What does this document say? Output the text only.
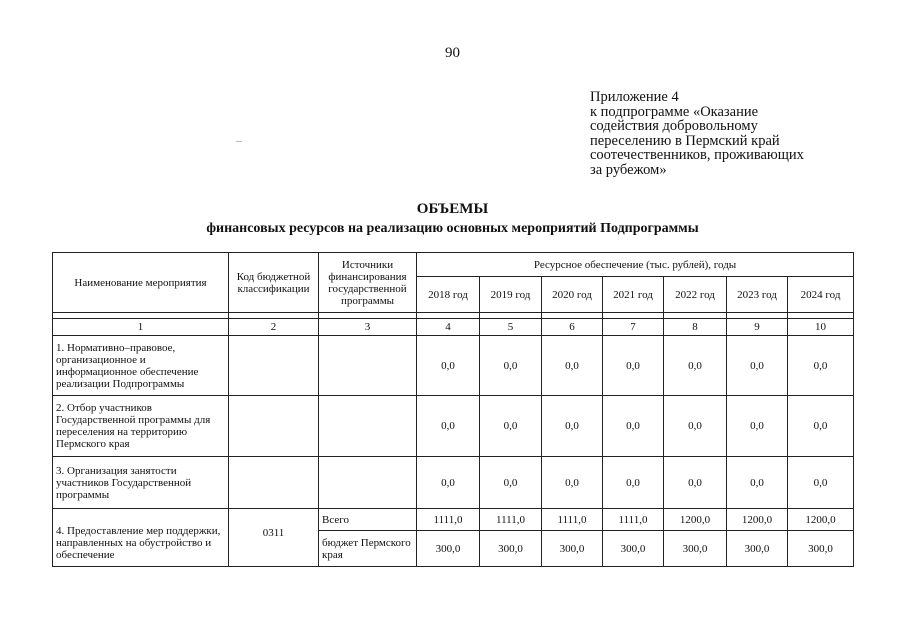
90
Приложение 4
к подпрограмме «Оказание
содействия добровольному
переселению в Пермский край
соотечественников, проживающих
за рубежом»
ОБЪЕМЫ
финансовых ресурсов на реализацию основных мероприятий Подпрограммы
Наименование мероприятия	Код бюджетной классификации	Источники финансирования государственной программы	Ресурсное обеспечение (тыс. рублей), годы						
			2018 год	2019 год	2020 год	2021 год	2022 год	2023 год	2024 год

1	2	3	4	5	6	7	8	9	10
1. Нормативно–правовое, организационное и информационное обеспечение реализации Подпрограммы			0,0	0,0	0,0	0,0	0,0	0,0	0,0
2. Отбор участников Государственной программы для переселения на территорию Пермского края			0,0	0,0	0,0	0,0	0,0	0,0	0,0
3. Организация занятости участников Государственной программы			0,0	0,0	0,0	0,0	0,0	0,0	0,0
4. Предоставление мер поддержки, направленных на обустройство и обеспечение	0311	Всего	1111,0	1111,0	1111,0	1111,0	1200,0	1200,0	1200,0
		бюджет Пермского края	300,0	300,0	300,0	300,0	300,0	300,0	300,0
